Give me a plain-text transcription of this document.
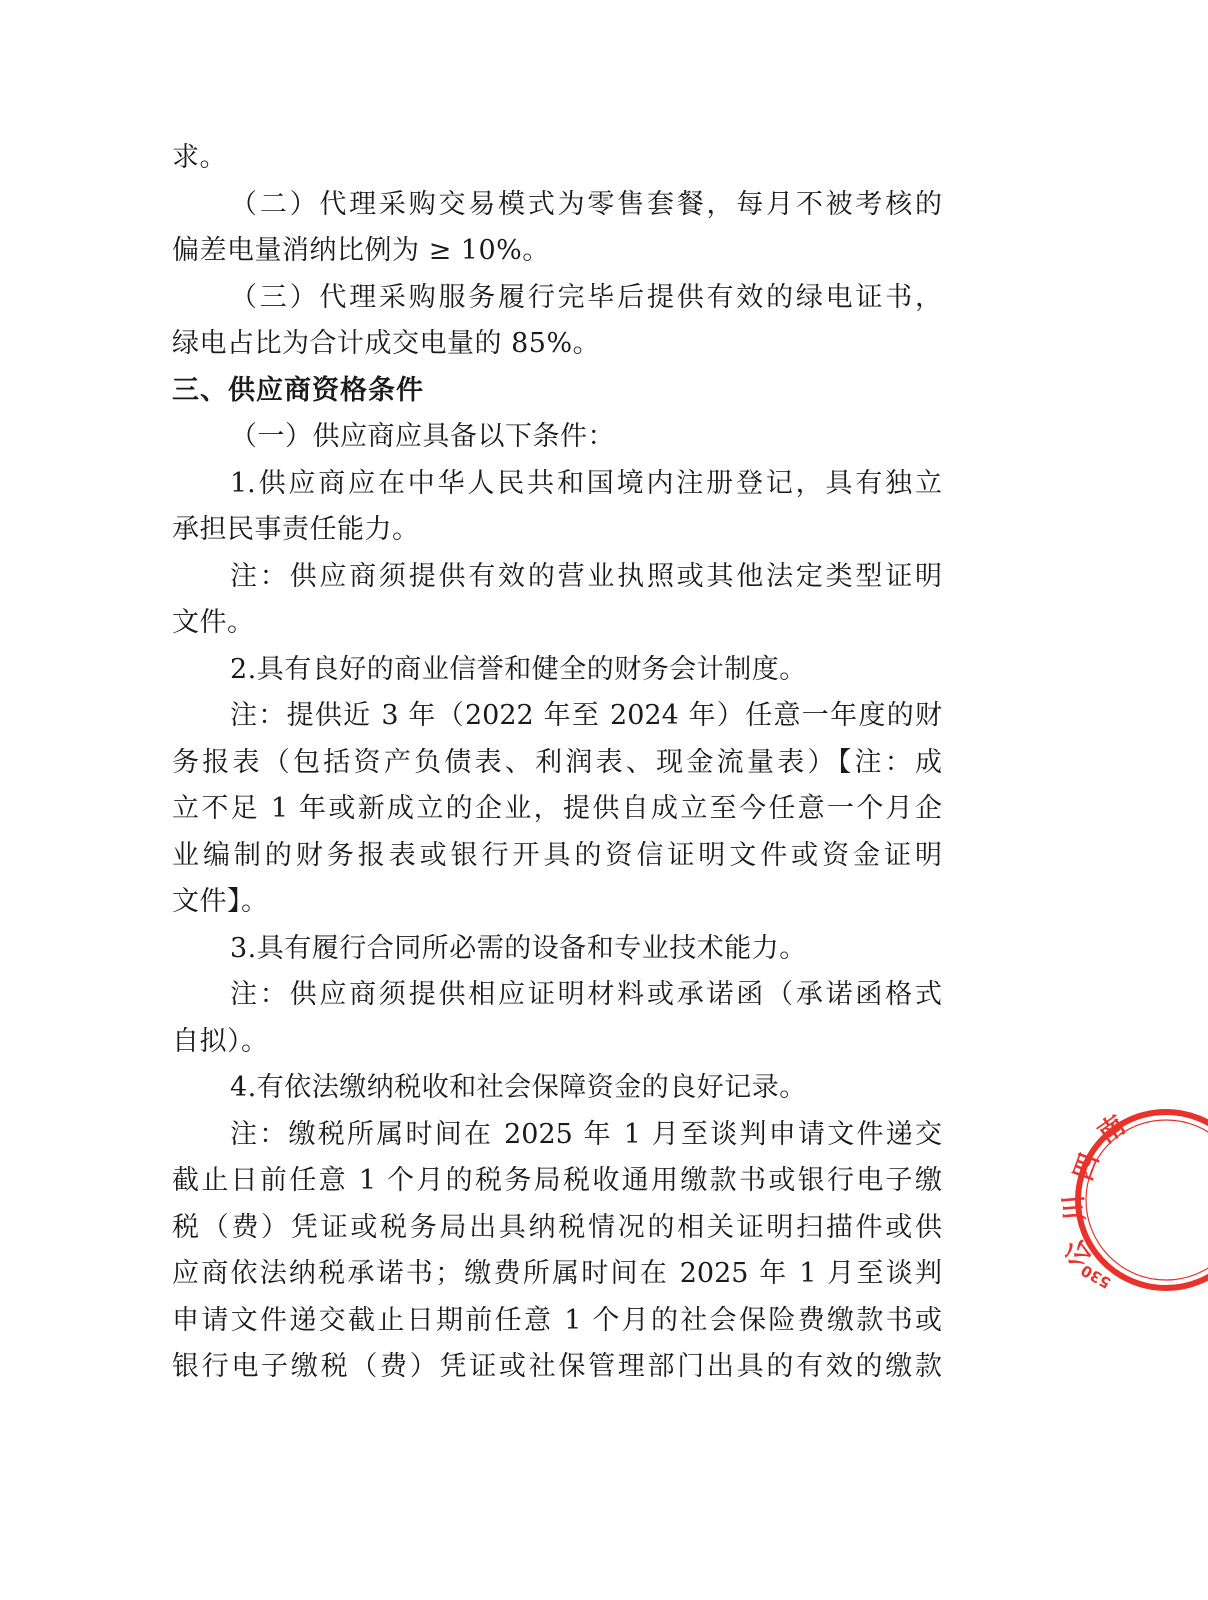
求。
（二）代理采购交易模式为零售套餐，每月不被考核的
偏差电量消纳比例为 ≥ 10%。
（三）代理采购服务履行完毕后提供有效的绿电证书，
绿电占比为合计成交电量的 85%。
三、供应商资格条件
（一）供应商应具备以下条件：
1.供应商应在中华人民共和国境内注册登记，具有独立
承担民事责任能力。
注：供应商须提供有效的营业执照或其他法定类型证明
文件。
2.具有良好的商业信誉和健全的财务会计制度。
注：提供近 3 年（2022 年至 2024 年）任意一年度的财
务报表（包括资产负债表、利润表、现金流量表）【注：成
立不足 1 年或新成立的企业，提供自成立至今任意一个月企
业编制的财务报表或银行开具的资信证明文件或资金证明
文件】。
3.具有履行合同所必需的设备和专业技术能力。
注：供应商须提供相应证明材料或承诺函（承诺函格式
自拟）。
4.有依法缴纳税收和社会保障资金的良好记录。
注：缴税所属时间在 2025 年 1 月至谈判申请文件递交
截止日前任意 1 个月的税务局税收通用缴款书或银行电子缴
税（费）凭证或税务局出具纳税情况的相关证明扫描件或供
应商依法纳税承诺书；缴费所属时间在 2025 年 1 月至谈判
申请文件递交截止日期前任意 1 个月的社会保险费缴款书或
银行电子缴税（费）凭证或社保管理部门出具的有效的缴款
南
四
川
公
530
